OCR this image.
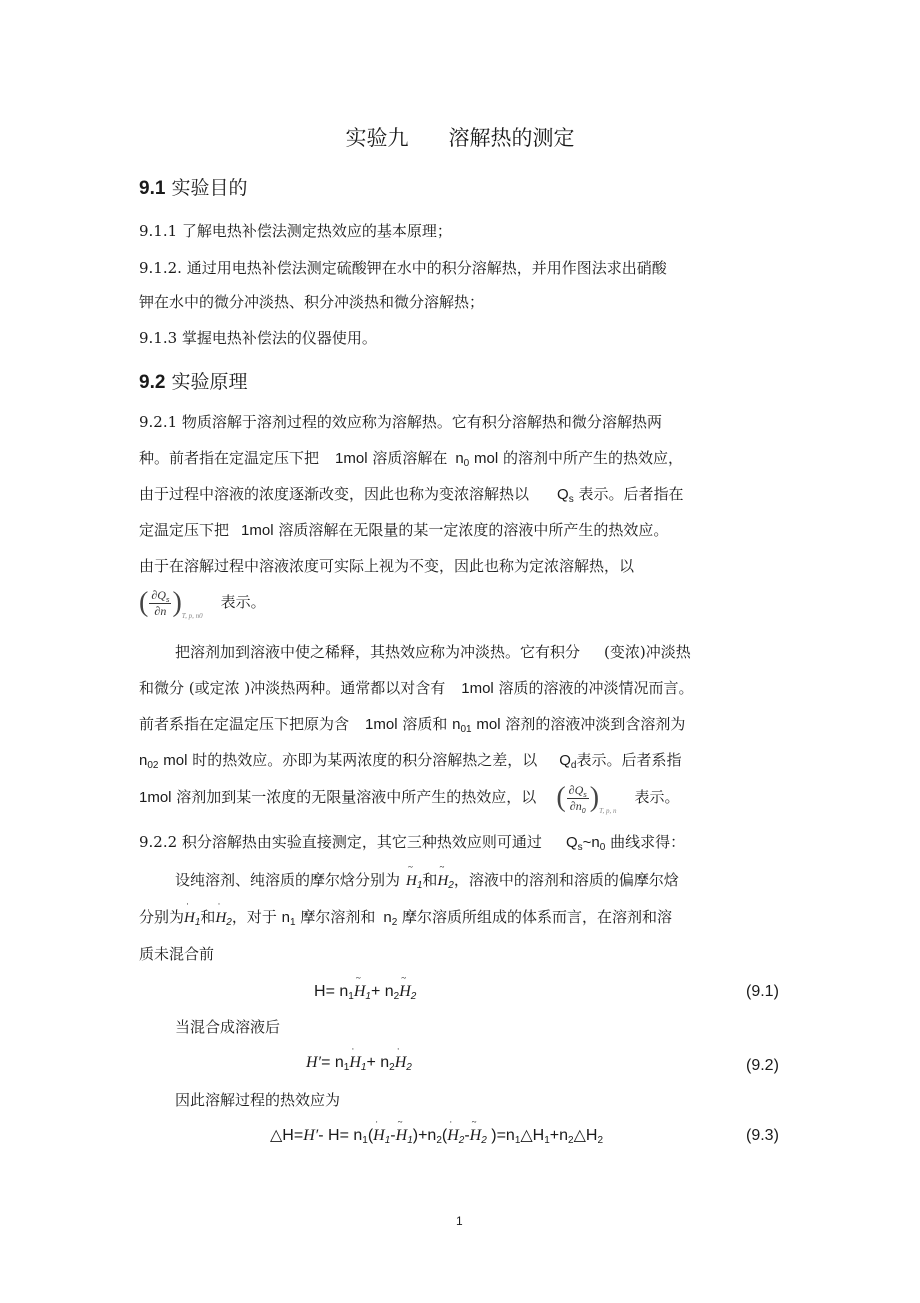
实验九 溶解热的测定
9.1 实验目的
9.1.1 了解电热补偿法测定热效应的基本原理；
9.1.2. 通过用电热补偿法测定硫酸钾在水中的积分溶解热，并用作图法求出硝酸
钾在水中的微分冲淡热、积分冲淡热和微分溶解热；
9.1.3 掌握电热补偿法的仪器使用。
9.2 实验原理
9.2.1 物质溶解于溶剂过程的效应称为溶解热。它有积分溶解热和微分溶解热两
种。前者指在定温定压下把 1mol 溶质溶解在 $n_0$ mol 的溶剂中所产生的热效应，
由于过程中溶液的浓度逐渐改变，因此也称为变浓溶解热以 $Q_s$ 表示。后者指在
定温定压下把 1mol 溶质溶解在无限量的某一定浓度的溶液中所产生的热效应。
由于在溶解过程中溶液浓度可实际上视为不变，因此也称为定浓溶解热，以
( $\partial Q_s$
∂n ) T, p, n0
表示。
把溶剂加到溶液中使之稀释，其热效应称为冲淡热。它有积分 (变浓)冲淡热
和微分 (或定浓 )冲淡热两种。通常都以对含有 1mol 溶质的溶液的冲淡情况而言。
前者系指在定温定压下把原为含 1mol 溶质和 $n_{01}$ mol 溶剂的溶液冲淡到含溶剂为
$n_{02}$ mol 时的热效应。亦即为某两浓度的积分溶解热之差，以 $Q_d$表示。后者系指
1mol 溶剂加到某一浓度的无限量溶液中所产生的热效应，以 ( $\partial Q_s$
$\partial n_0$ ) T, p, n
表示。
9.2.2 积分溶解热由实验直接测定，其它三种热效应则可通过 $Q_s\sim n_0$ 曲线求得：
设纯溶剂、纯溶质的摩尔焓分别为
~
$H_1$和
~
$H_2$，溶液中的溶剂和溶质的偏摩尔焓
分别为
·
$H_1$和
·
$H_2$，对于 $n_1$ 摩尔溶剂和 $n_2$ 摩尔溶质所组成的体系而言，在溶剂和溶
质未混合前
$H= n_1$
~
$H_1+ n_2$
~
$H_2$	(9.1)
当混合成溶液后
$H'= n_1$
·
$H_1+ n_2$
·
$H_2$	(9.2)
因此溶解过程的热效应为
△H=H′- $H= n_1$(
·
$H_1-$
~
$H_1)+n_2$(
·
$H_2-$
~
$H_2$ )$=n_1\triangle H_1+n_2\triangle H_2$	(9.3)
1
